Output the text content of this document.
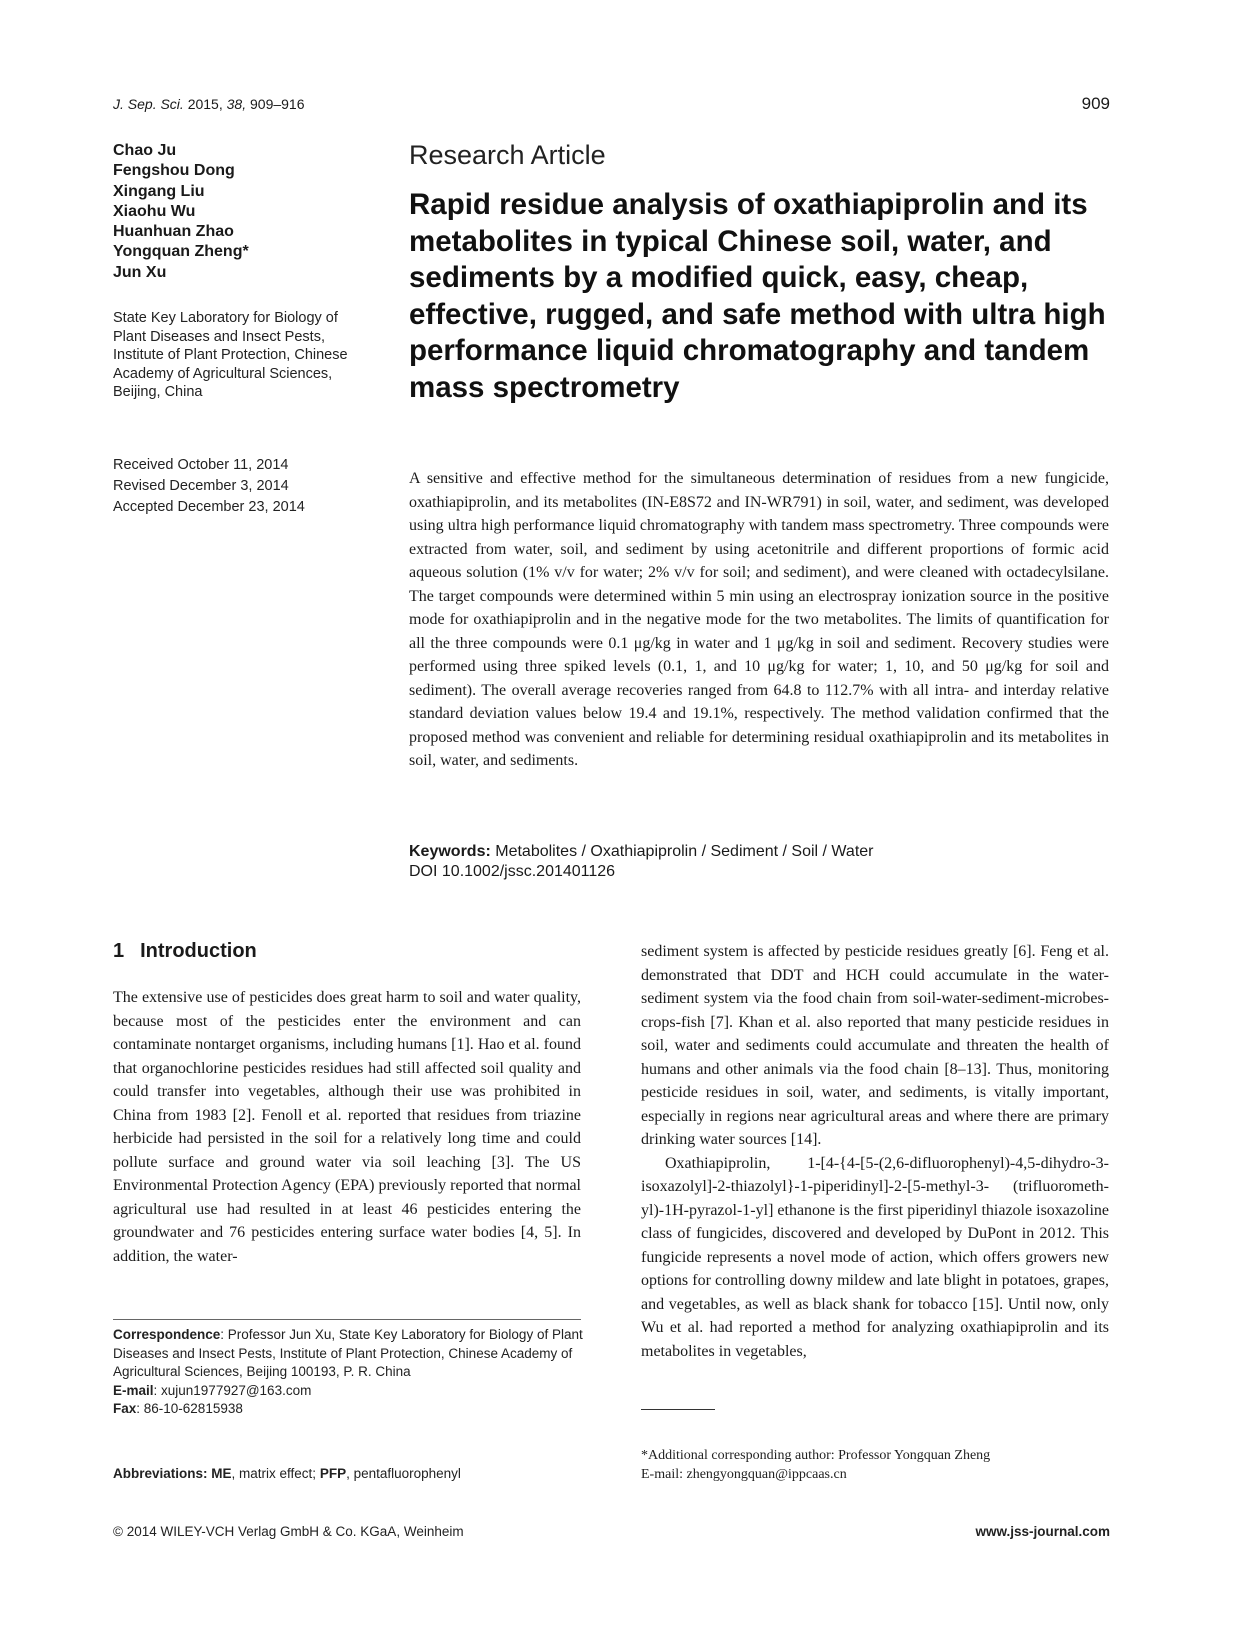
J. Sep. Sci. 2015, 38, 909–916	909
Chao Ju
Fengshou Dong
Xingang Liu
Xiaohu Wu
Huanhuan Zhao
Yongquan Zheng*
Jun Xu
State Key Laboratory for Biology of Plant Diseases and Insect Pests, Institute of Plant Protection, Chinese Academy of Agricultural Sciences, Beijing, China
Received October 11, 2014
Revised December 3, 2014
Accepted December 23, 2014
Research Article
Rapid residue analysis of oxathiapiprolin and its metabolites in typical Chinese soil, water, and sediments by a modified quick, easy, cheap, effective, rugged, and safe method with ultra high performance liquid chromatography and tandem mass spectrometry

A sensitive and effective method for the simultaneous determination of residues from a new fungicide, oxathiapiprolin, and its metabolites (IN-E8S72 and IN-WR791) in soil, water, and sediment, was developed using ultra high performance liquid chromatography with tandem mass spectrometry. Three compounds were extracted from water, soil, and sediment by using acetonitrile and different proportions of formic acid aqueous solution (1% v/v for water; 2% v/v for soil; and sediment), and were cleaned with octadecylsilane. The target compounds were determined within 5 min using an electrospray ionization source in the positive mode for oxathiapiprolin and in the negative mode for the two metabolites. The limits of quantification for all the three compounds were 0.1 μg/kg in water and 1 μg/kg in soil and sediment. Recovery studies were performed using three spiked levels (0.1, 1, and 10 μg/kg for water; 1, 10, and 50 μg/kg for soil and sediment). The overall average recoveries ranged from 64.8 to 112.7% with all intra- and interday relative standard deviation values below 19.4 and 19.1%, respectively. The method validation confirmed that the proposed method was convenient and reliable for determining residual oxathiapiprolin and its metabolites in soil, water, and sediments.

Keywords: Metabolites / Oxathiapiprolin / Sediment / Soil / Water
DOI 10.1002/jssc.201401126
1 Introduction

The extensive use of pesticides does great harm to soil and water quality, because most of the pesticides enter the environment and can contaminate nontarget organisms, including humans [1]. Hao et al. found that organochlorine pesticides residues had still affected soil quality and could transfer into vegetables, although their use was prohibited in China from 1983 [2]. Fenoll et al. reported that residues from triazine herbicide had persisted in the soil for a relatively long time and could pollute surface and ground water via soil leaching [3]. The US Environmental Protection Agency (EPA) previously reported that normal agricultural use had resulted in at least 46 pesticides entering the groundwater and 76 pesticides entering surface water bodies [4, 5]. In addition, the water-

sediment system is affected by pesticide residues greatly [6]. Feng et al. demonstrated that DDT and HCH could accumulate in the water-sediment system via the food chain from soil-water-sediment-microbes-crops-fish [7]. Khan et al. also reported that many pesticide residues in soil, water and sediments could accumulate and threaten the health of humans and other animals via the food chain [8–13]. Thus, monitoring pesticide residues in soil, water, and sediments, is vitally important, especially in regions near agricultural areas and where there are primary drinking water sources [14].

Oxathiapiprolin, 1-[4-{4-[5-(2,6-difluorophenyl)-4,5-dihydro-3-isoxazolyl]-2-thiazolyl}-1-piperidinyl]-2-[5-methyl-3- (trifluorometh-yl)-1H-pyrazol-1-yl] ethanone is the first piperidinyl thiazole isoxazoline class of fungicides, discovered and developed by DuPont in 2012. This fungicide represents a novel mode of action, which offers growers new options for controlling downy mildew and late blight in potatoes, grapes, and vegetables, as well as black shank for tobacco [15]. Until now, only Wu et al. had reported a method for analyzing oxathiapiprolin and its metabolites in vegetables,

Correspondence: Professor Jun Xu, State Key Laboratory for Biology of Plant Diseases and Insect Pests, Institute of Plant Protection, Chinese Academy of Agricultural Sciences, Beijing 100193, P. R. China
E-mail: xujun1977927@163.com
Fax: 86-10-62815938
Abbreviations: ME, matrix effect; PFP, pentafluorophenyl
*Additional corresponding author: Professor Yongquan Zheng
E-mail: zhengyongquan@ippcaas.cn
© 2014 WILEY-VCH Verlag GmbH & Co. KGaA, Weinheim	www.jss-journal.com
